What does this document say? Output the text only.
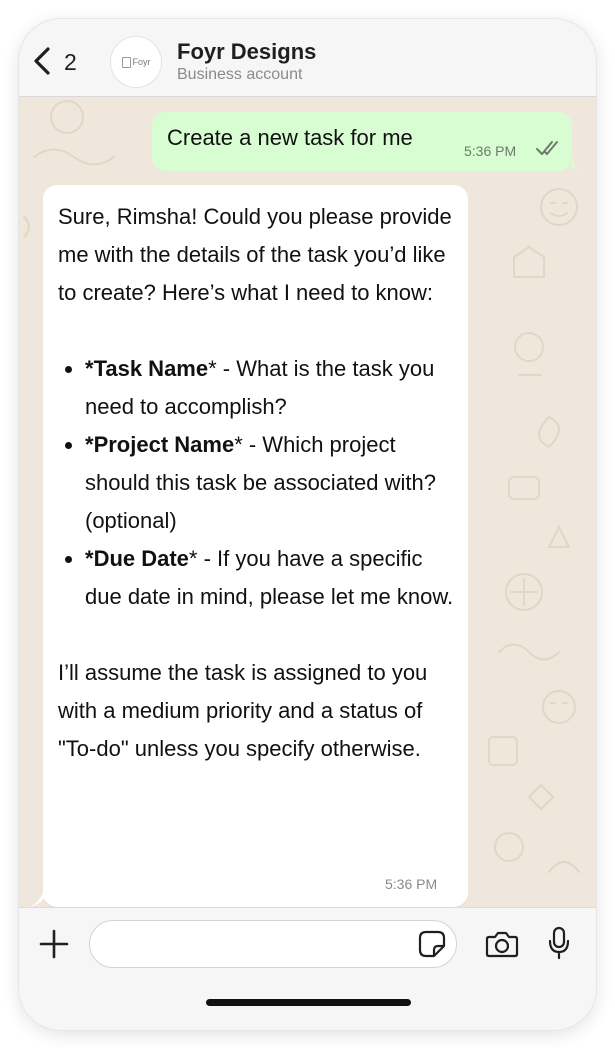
2	Foyr Foyr Designs
Business account
Create a new task for me
5:36 PM

Sure, Rimsha! Could you please provide me with the details of the task you’d like to create? Here’s what I need to know:

• *Task Name* - What is the task you need to accomplish?
• *Project Name* - Which project should this task be associated with? (optional)
• *Due Date* - If you have a specific due date in mind, please let me know.

I’ll assume the task is assigned to you with a medium priority and a status of "To-do" unless you specify otherwise.

5:36 PM
